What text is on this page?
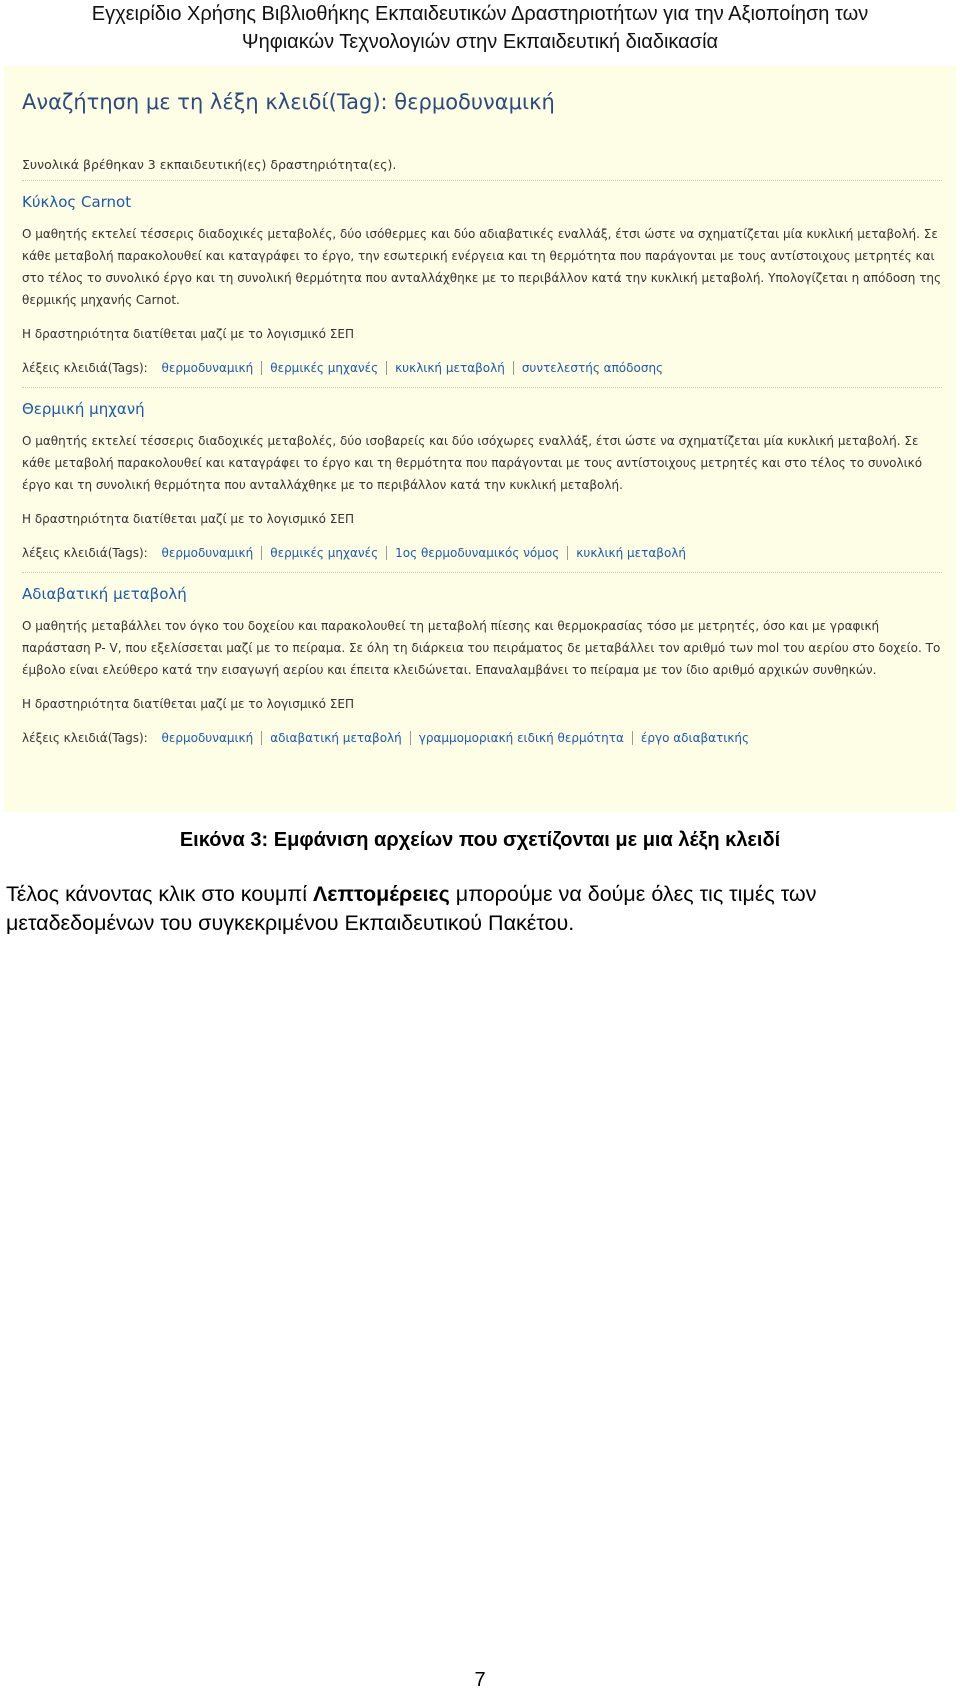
Εγχειρίδιο Χρήσης Βιβλιοθήκης Εκπαιδευτικών Δραστηριοτήτων για την Αξιοποίηση των
Ψηφιακών Τεχνολογιών στην Εκπαιδευτική διαδικασία
Αναζήτηση με τη λέξη κλειδί(Tag): θερμοδυναμική
Συνολικά βρέθηκαν 3 εκπαιδευτική(ες) δραστηριότητα(ες).
Κύκλος Carnot
Ο μαθητής εκτελεί τέσσερις διαδοχικές μεταβολές, δύο ισόθερμες και δύο αδιαβατικές εναλλάξ, έτσι ώστε να σχηματίζεται μία κυκλική μεταβολή. Σε κάθε μεταβολή παρακολουθεί και καταγράφει το έργο, την εσωτερική ενέργεια και τη θερμότητα που παράγονται με τους αντίστοιχους μετρητές και στο τέλος το συνολικό έργο και τη συνολική θερμότητα που ανταλλάχθηκε με το περιβάλλον κατά την κυκλική μεταβολή. Υπολογίζεται η απόδοση της θερμικής μηχανής Carnot.
Η δραστηριότητα διατίθεται μαζί με το λογισμικό ΣΕΠ
λέξεις κλειδιά(Tags): θερμοδυναμική θερμικές μηχανές κυκλική μεταβολή συντελεστής απόδοσης
Θερμική μηχανή
Ο μαθητής εκτελεί τέσσερις διαδοχικές μεταβολές, δύο ισοβαρείς και δύο ισόχωρες εναλλάξ, έτσι ώστε να σχηματίζεται μία κυκλική μεταβολή. Σε κάθε μεταβολή παρακολουθεί και καταγράφει το έργο και τη θερμότητα που παράγονται με τους αντίστοιχους μετρητές και στο τέλος το συνολικό έργο και τη συνολική θερμότητα που ανταλλάχθηκε με το περιβάλλον κατά την κυκλική μεταβολή.
Η δραστηριότητα διατίθεται μαζί με το λογισμικό ΣΕΠ
λέξεις κλειδιά(Tags): θερμοδυναμική θερμικές μηχανές 1ος θερμοδυναμικός νόμος κυκλική μεταβολή
Αδιαβατική μεταβολή
Ο μαθητής μεταβάλλει τον όγκο του δοχείου και παρακολουθεί τη μεταβολή πίεσης και θερμοκρασίας τόσο με μετρητές, όσο και με γραφική παράσταση P- V, που εξελίσσεται μαζί με το πείραμα. Σε όλη τη διάρκεια του πειράματος δε μεταβάλλει τον αριθμό των mol του αερίου στο δοχείο. Το έμβολο είναι ελεύθερο κατά την εισαγωγή αερίου και έπειτα κλειδώνεται. Επαναλαμβάνει το πείραμα με τον ίδιο αριθμό αρχικών συνθηκών.
Η δραστηριότητα διατίθεται μαζί με το λογισμικό ΣΕΠ
λέξεις κλειδιά(Tags): θερμοδυναμική αδιαβατική μεταβολή γραμμομοριακή ειδική θερμότητα έργο αδιαβατικής
Εικόνα 3: Εμφάνιση αρχείων που σχετίζονται με μια λέξη κλειδί
Τέλος κάνοντας κλικ στο κουμπί Λεπτομέρειες μπορούμε να δούμε όλες τις τιμές των μεταδεδομένων του συγκεκριμένου Εκπαιδευτικού Πακέτου.
7
